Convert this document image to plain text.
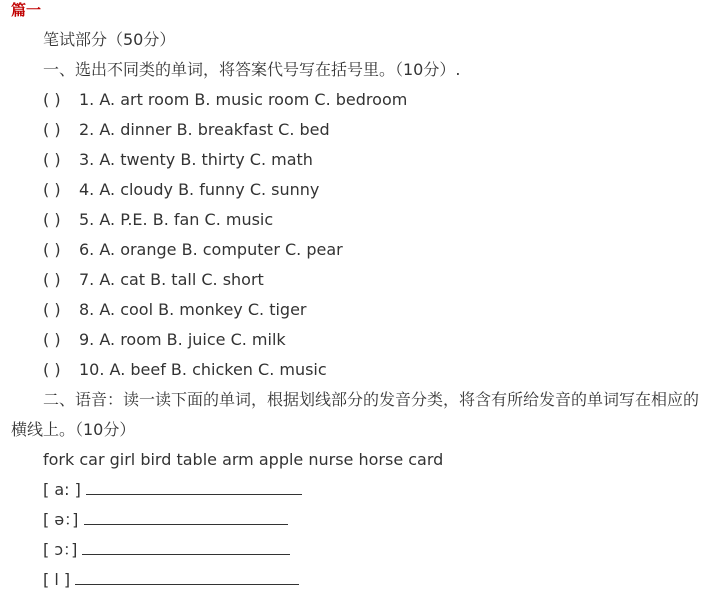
篇一
笔试部分（50分）
一、选出不同类的单词，将答案代号写在括号里。（10分）.
( ) 1. A. art room B. music room C. bedroom
( ) 2. A. dinner B. breakfast C. bed
( ) 3. A. twenty B. thirty C. math
( ) 4. A. cloudy B. funny C. sunny
( ) 5. A. P.E. B. fan C. music
( ) 6. A. orange B. computer C. pear
( ) 7. A. cat B. tall C. short
( ) 8. A. cool B. monkey C. tiger
( ) 9. A. room B. juice C. milk
( ) 10. A. beef B. chicken C. music
二、语音：读一读下面的单词，根据划线部分的发音分类，将含有所给发音的单词写在相应的
横线上。（10分）
fork car girl bird table arm apple nurse horse card
[ a: ]
[ ə：]
[ ɔ：]
[ l ]
